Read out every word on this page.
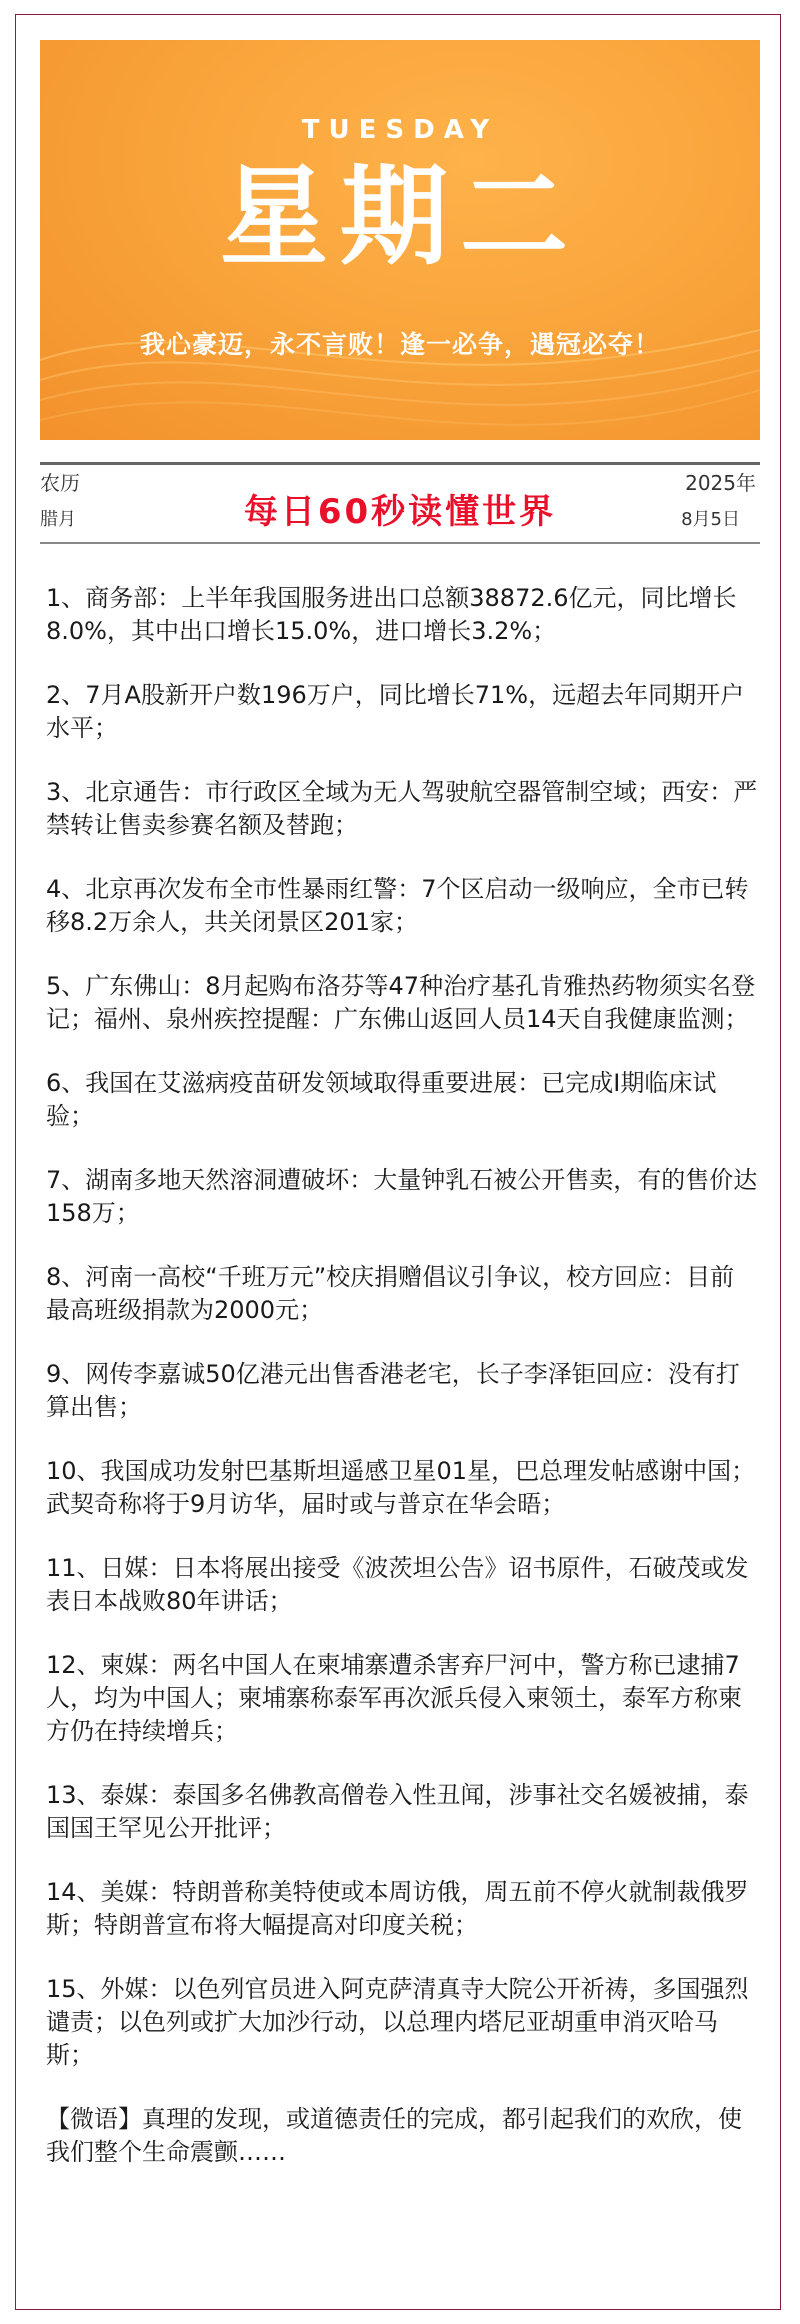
TUESDAY
星期二
我心豪迈，永不言败！逢一必争，遇冠必夺！
农历
腊月	每日60秒读懂世界
2025年
8月5日

1、商务部：上半年我国服务进出口总额38872.6亿元，同比增长8.0%，其中出口增长15.0%，进口增长3.2%；

2、7月A股新开户数196万户，同比增长71%，远超去年同期开户水平；

3、北京通告：市行政区全域为无人驾驶航空器管制空域；西安：严禁转让售卖参赛名额及替跑；

4、北京再次发布全市性暴雨红警：7个区启动一级响应，全市已转移8.2万余人，共关闭景区201家；

5、广东佛山：8月起购布洛芬等47种治疗基孔肯雅热药物须实名登记；福州、泉州疾控提醒：广东佛山返回人员14天自我健康监测；

6、我国在艾滋病疫苗研发领域取得重要进展：已完成I期临床试验；

7、湖南多地天然溶洞遭破坏：大量钟乳石被公开售卖，有的售价达158万；

8、河南一高校“千班万元”校庆捐赠倡议引争议，校方回应：目前最高班级捐款为2000元；

9、网传李嘉诚50亿港元出售香港老宅，长子李泽钜回应：没有打算出售；

10、我国成功发射巴基斯坦遥感卫星01星，巴总理发帖感谢中国；武契奇称将于9月访华，届时或与普京在华会晤；

11、日媒：日本将展出接受《波茨坦公告》诏书原件，石破茂或发表日本战败80年讲话；

12、柬媒：两名中国人在柬埔寨遭杀害弃尸河中，警方称已逮捕7人，均为中国人；柬埔寨称泰军再次派兵侵入柬领土，泰军方称柬方仍在持续增兵；

13、泰媒：泰国多名佛教高僧卷入性丑闻，涉事社交名媛被捕，泰国国王罕见公开批评；

14、美媒：特朗普称美特使或本周访俄，周五前不停火就制裁俄罗斯；特朗普宣布将大幅提高对印度关税；

15、外媒：以色列官员进入阿克萨清真寺大院公开祈祷，多国强烈谴责；以色列或扩大加沙行动，以总理内塔尼亚胡重申消灭哈马斯；

【微语】真理的发现，或道德责任的完成，都引起我们的欢欣，使我们整个生命震颤……
